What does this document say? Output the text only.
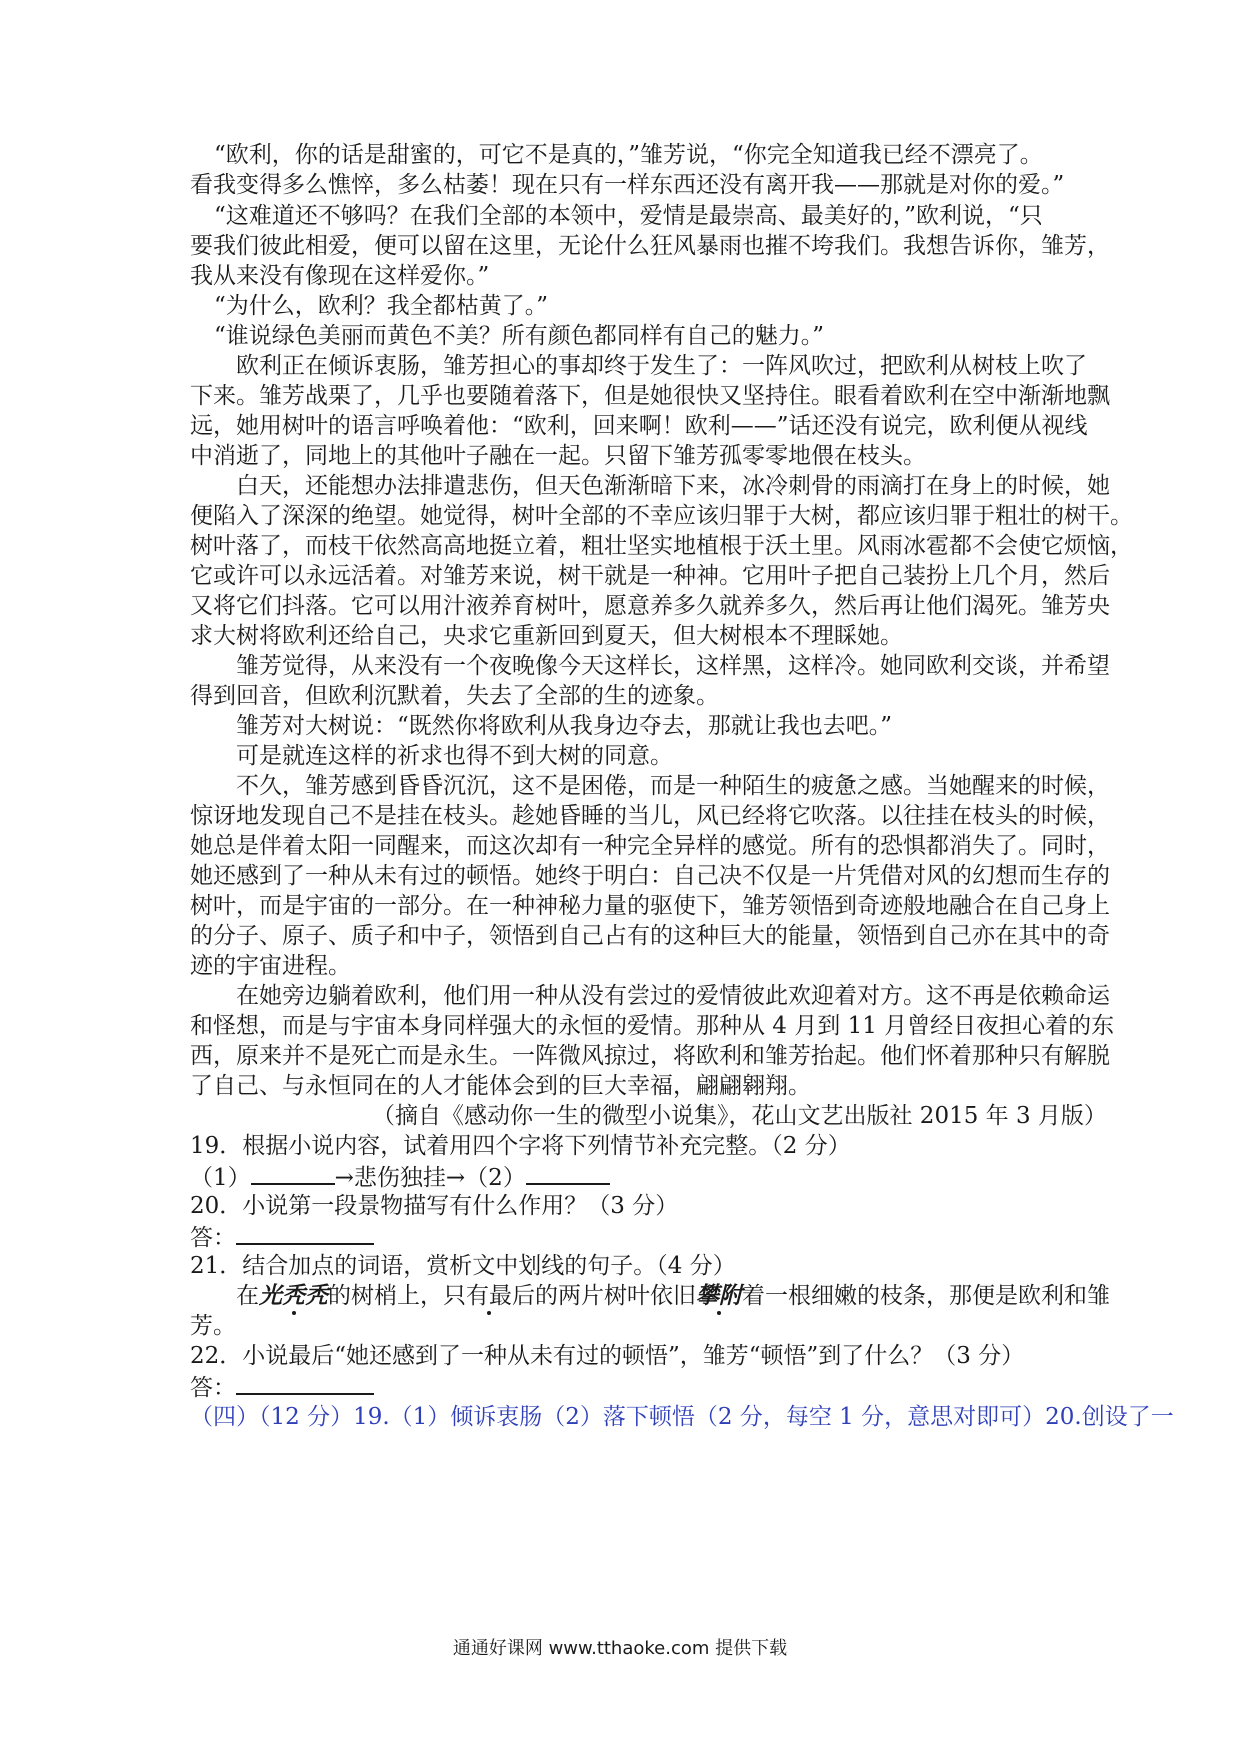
“欧利，你的话是甜蜜的，可它不是真的，”雏芳说，“你完全知道我已经不漂亮了。
看我变得多么憔悴，多么枯萎！现在只有一样东西还没有离开我——那就是对你的爱。”
“这难道还不够吗？在我们全部的本领中，爱情是最崇高、最美好的，”欧利说，“只
要我们彼此相爱，便可以留在这里，无论什么狂风暴雨也摧不垮我们。我想告诉你，雏芳，
我从来没有像现在这样爱你。”
“为什么，欧利？我全都枯黄了。”
“谁说绿色美丽而黄色不美？所有颜色都同样有自己的魅力。”
欧利正在倾诉衷肠，雏芳担心的事却终于发生了：一阵风吹过，把欧利从树枝上吹了
下来。雏芳战栗了，几乎也要随着落下，但是她很快又坚持住。眼看着欧利在空中渐渐地飘
远，她用树叶的语言呼唤着他：“欧利，回来啊！欧利——”话还没有说完，欧利便从视线
中消逝了，同地上的其他叶子融在一起。只留下雏芳孤零零地偎在枝头。
白天，还能想办法排遣悲伤，但天色渐渐暗下来，冰冷刺骨的雨滴打在身上的时候，她
便陷入了深深的绝望。她觉得，树叶全部的不幸应该归罪于大树，都应该归罪于粗壮的树干。
树叶落了，而枝干依然高高地挺立着，粗壮坚实地植根于沃土里。风雨冰雹都不会使它烦恼，
它或许可以永远活着。对雏芳来说，树干就是一种神。它用叶子把自己装扮上几个月，然后
又将它们抖落。它可以用汁液养育树叶，愿意养多久就养多久，然后再让他们渴死。雏芳央
求大树将欧利还给自己，央求它重新回到夏天，但大树根本不理睬她。
雏芳觉得，从来没有一个夜晚像今天这样长，这样黑，这样冷。她同欧利交谈，并希望
得到回音，但欧利沉默着，失去了全部的生的迹象。
雏芳对大树说：“既然你将欧利从我身边夺去，那就让我也去吧。”
可是就连这样的祈求也得不到大树的同意。
不久，雏芳感到昏昏沉沉，这不是困倦，而是一种陌生的疲惫之感。当她醒来的时候，
惊讶地发现自己不是挂在枝头。趁她昏睡的当儿，风已经将它吹落。以往挂在枝头的时候，
她总是伴着太阳一同醒来，而这次却有一种完全异样的感觉。所有的恐惧都消失了。同时，
她还感到了一种从未有过的顿悟。她终于明白：自己决不仅是一片凭借对风的幻想而生存的
树叶，而是宇宙的一部分。在一种神秘力量的驱使下，雏芳领悟到奇迹般地融合在自己身上
的分子、原子、质子和中子，领悟到自己占有的这种巨大的能量，领悟到自己亦在其中的奇
迹的宇宙进程。
在她旁边躺着欧利，他们用一种从没有尝过的爱情彼此欢迎着对方。这不再是依赖命运
和怪想，而是与宇宙本身同样强大的永恒的爱情。那种从 4 月到 11 月曾经日夜担心着的东
西，原来并不是死亡而是永生。一阵微风掠过，将欧利和雏芳抬起。他们怀着那种只有解脱
了自己、与永恒同在的人才能体会到的巨大幸福，翩翩翱翔。
（摘自《感动你一生的微型小说集》，花山文艺出版社 2015 年 3 月版）
19．根据小说内容，试着用四个字将下列情节补充完整。（2 分）
（1）	→悲伤独挂→（2）
20．小说第一段景物描写有什么作用？（3 分）
答：
21．结合加点的词语，赏析文中划线的句子。（4 分）
在光秃秃的树梢上，只有最后的两片树叶依旧攀附着一根细嫩的枝条，那便是欧利和雏
芳。
22．小说最后“她还感到了一种从未有过的顿悟”，雏芳“顿悟”到了什么？（3 分）
答：
（四）（12 分）19.（1）倾诉衷肠（2）落下顿悟（2 分，每空 1 分，意思对即可）20.创设了一
通通好课网 www.tthaoke.com 提供下载
